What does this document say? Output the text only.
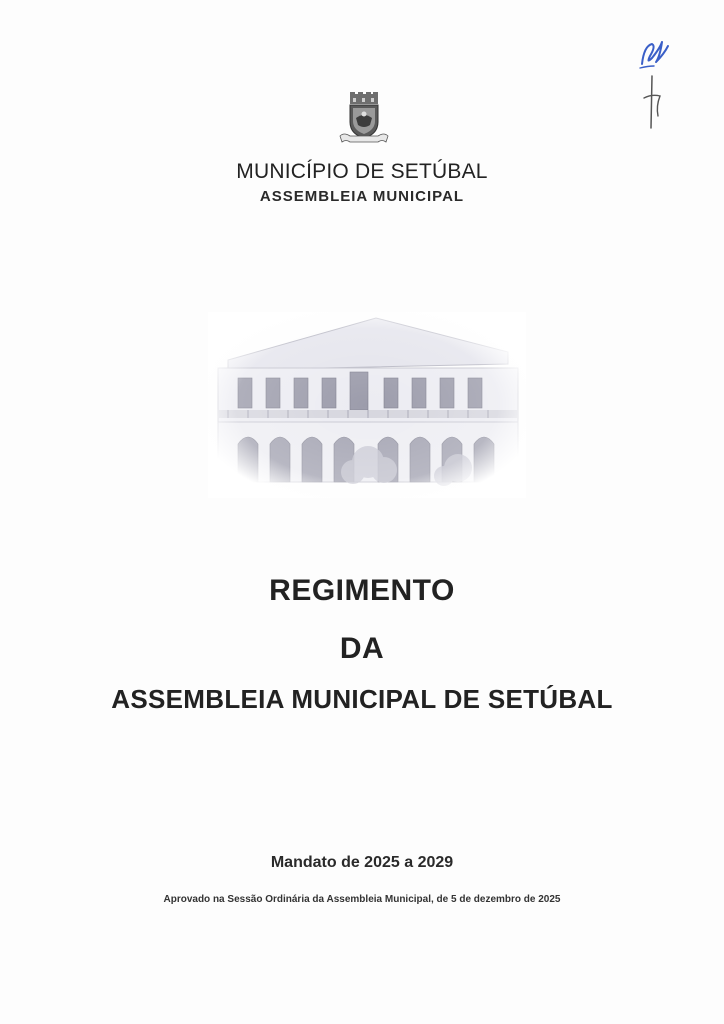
MUNICÍPIO DE SETÚBAL
ASSEMBLEIA MUNICIPAL
REGIMENTO
DA
ASSEMBLEIA MUNICIPAL DE SETÚBAL
Mandato de 2025 a 2029
Aprovado na Sessão Ordinária da Assembleia Municipal, de 5 de dezembro de 2025
